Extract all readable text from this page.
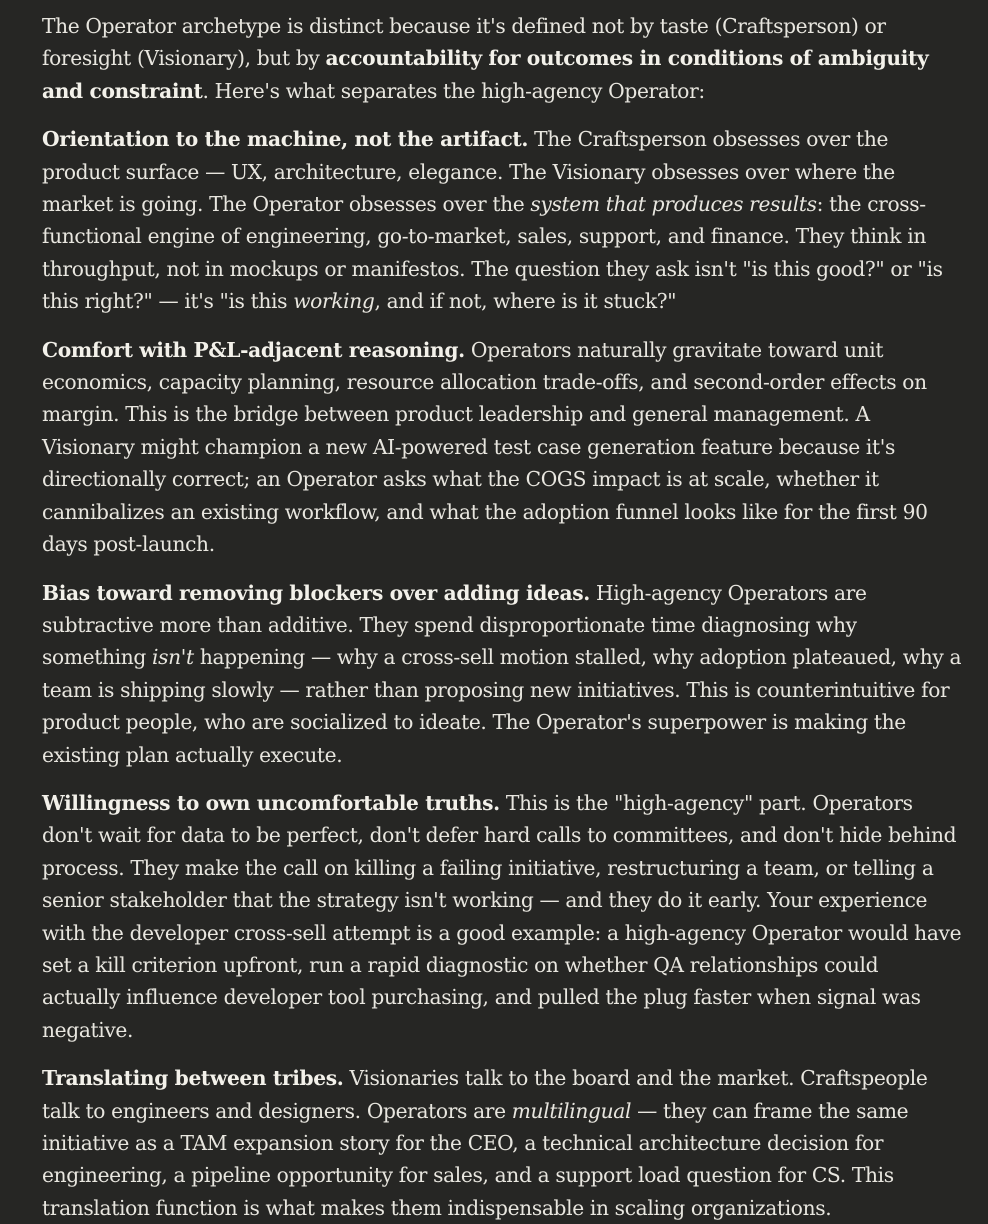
The Operator archetype is distinct because it's defined not by taste (Craftsperson) or foresight (Visionary), but by accountability for outcomes in conditions of ambiguity and constraint. Here's what separates the high-agency Operator:

Orientation to the machine, not the artifact. The Craftsperson obsesses over the product surface — UX, architecture, elegance. The Visionary obsesses over where the market is going. The Operator obsesses over the system that produces results: the cross-functional engine of engineering, go-to-market, sales, support, and finance. They think in throughput, not in mockups or manifestos. The question they ask isn't "is this good?" or "is this right?" — it's "is this working, and if not, where is it stuck?"

Comfort with P&L-adjacent reasoning. Operators naturally gravitate toward unit economics, capacity planning, resource allocation trade-offs, and second-order effects on margin. This is the bridge between product leadership and general management. A Visionary might champion a new AI-powered test case generation feature because it's directionally correct; an Operator asks what the COGS impact is at scale, whether it cannibalizes an existing workflow, and what the adoption funnel looks like for the first 90 days post-launch.

Bias toward removing blockers over adding ideas. High-agency Operators are subtractive more than additive. They spend disproportionate time diagnosing why something isn't happening — why a cross-sell motion stalled, why adoption plateaued, why a team is shipping slowly — rather than proposing new initiatives. This is counterintuitive for product people, who are socialized to ideate. The Operator's superpower is making the existing plan actually execute.

Willingness to own uncomfortable truths. This is the "high-agency" part. Operators don't wait for data to be perfect, don't defer hard calls to committees, and don't hide behind process. They make the call on killing a failing initiative, restructuring a team, or telling a senior stakeholder that the strategy isn't working — and they do it early. Your experience with the developer cross-sell attempt is a good example: a high-agency Operator would have set a kill criterion upfront, run a rapid diagnostic on whether QA relationships could actually influence developer tool purchasing, and pulled the plug faster when signal was negative.

Translating between tribes. Visionaries talk to the board and the market. Craftspeople talk to engineers and designers. Operators are multilingual — they can frame the same initiative as a TAM expansion story for the CEO, a technical architecture decision for engineering, a pipeline opportunity for sales, and a support load question for CS. This translation function is what makes them indispensable in scaling organizations.
